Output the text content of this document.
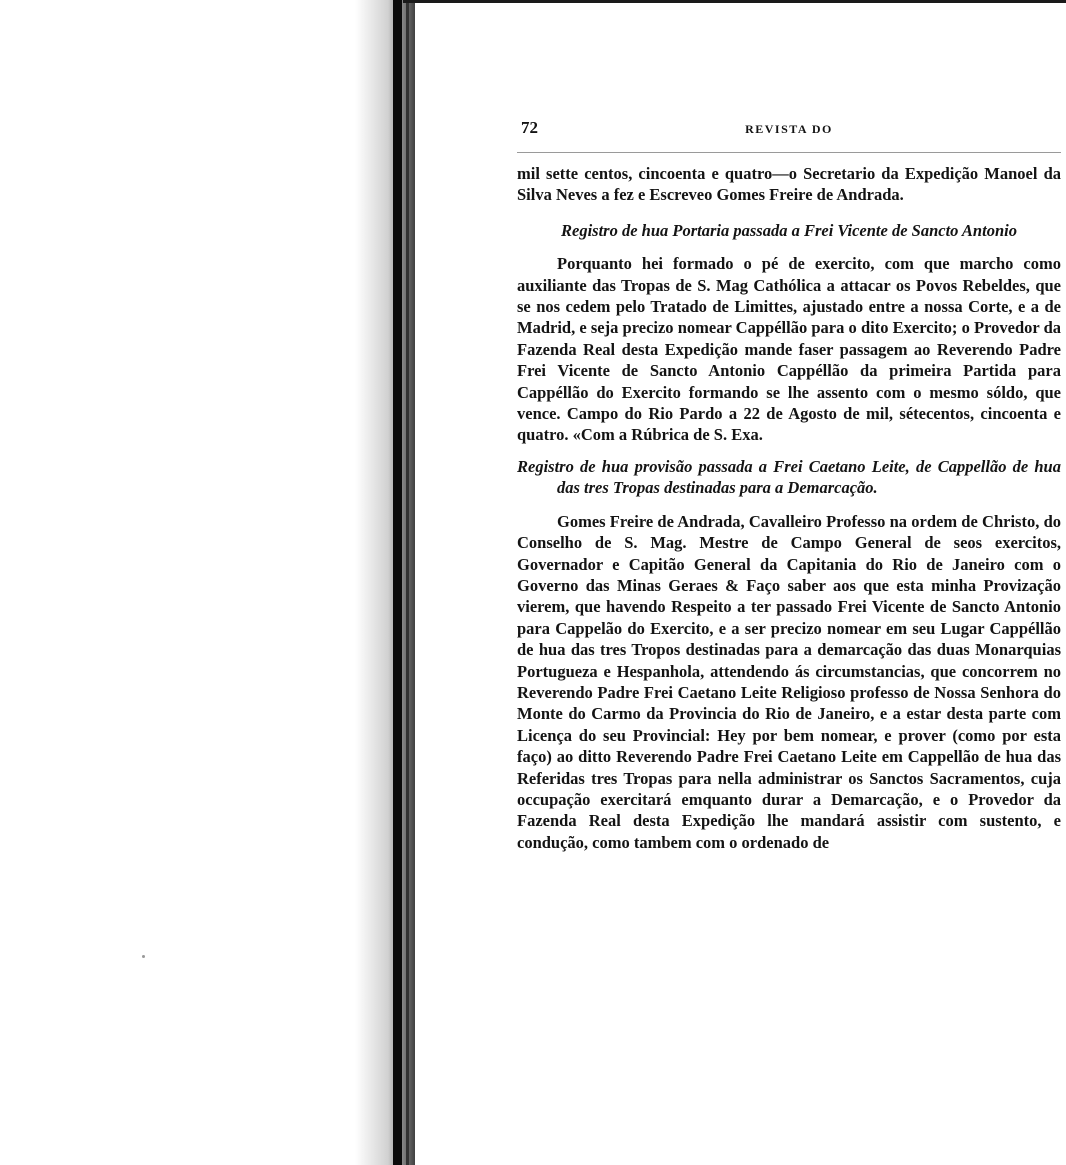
72	REVISTA DO

mil sette centos, cincoenta e quatro—o Secretario da Expedição Manoel da Silva Neves a fez e Escreveo Gomes Freire de Andrada.

Registro de hua Portaria passada a Frei Vicente de Sancto Antonio

Porquanto hei formado o pé de exercito, com que marcho como auxiliante das Tropas de S. Mag Cathólica a attacar os Povos Rebeldes, que se nos cedem pelo Tratado de Limittes, ajustado entre a nossa Corte, e a de Madrid, e seja precizo nomear Cappéllão para o dito Exercito; o Provedor da Fazenda Real desta Expedição mande faser passagem ao Reverendo Padre Frei Vicente de Sancto Antonio Cappéllão da primeira Partida para Cappéllão do Exercito formando se lhe assento com o mesmo sóldo, que vence. Campo do Rio Pardo a 22 de Agosto de mil, sétecentos, cincoenta e quatro. «Com a Rúbrica de S. Exa.

Registro de hua provisão passada a Frei Caetano Leite, de Cappellão de hua das tres Tropas destinadas para a Demarcação.

Gomes Freire de Andrada, Cavalleiro Professo na ordem de Christo, do Conselho de S. Mag. Mestre de Campo General de seos exercitos, Governador e Capitão General da Capitania do Rio de Janeiro com o Governo das Minas Geraes & Faço saber aos que esta minha Provização vierem, que havendo Respeito a ter passado Frei Vicente de Sancto Antonio para Cappelão do Exercito, e a ser precizo nomear em seu Lugar Cappéllão de hua das tres Tropos destinadas para a demarcação das duas Monarquias Portugueza e Hespanhola, attendendo ás circumstancias, que concorrem no Reverendo Padre Frei Caetano Leite Religioso professo de Nossa Senhora do Monte do Carmo da Provincia do Rio de Janeiro, e a estar desta parte com Licença do seu Provincial: Hey por bem nomear, e prover (como por esta faço) ao ditto Reverendo Padre Frei Caetano Leite em Cappellão de hua das Referidas tres Tropas para nella administrar os Sanctos Sacramentos, cuja occupação exercitará emquanto durar a Demarcação, e o Provedor da Fazenda Real desta Expedição lhe mandará assistir com sustento, e condução, como tambem com o ordenado de
